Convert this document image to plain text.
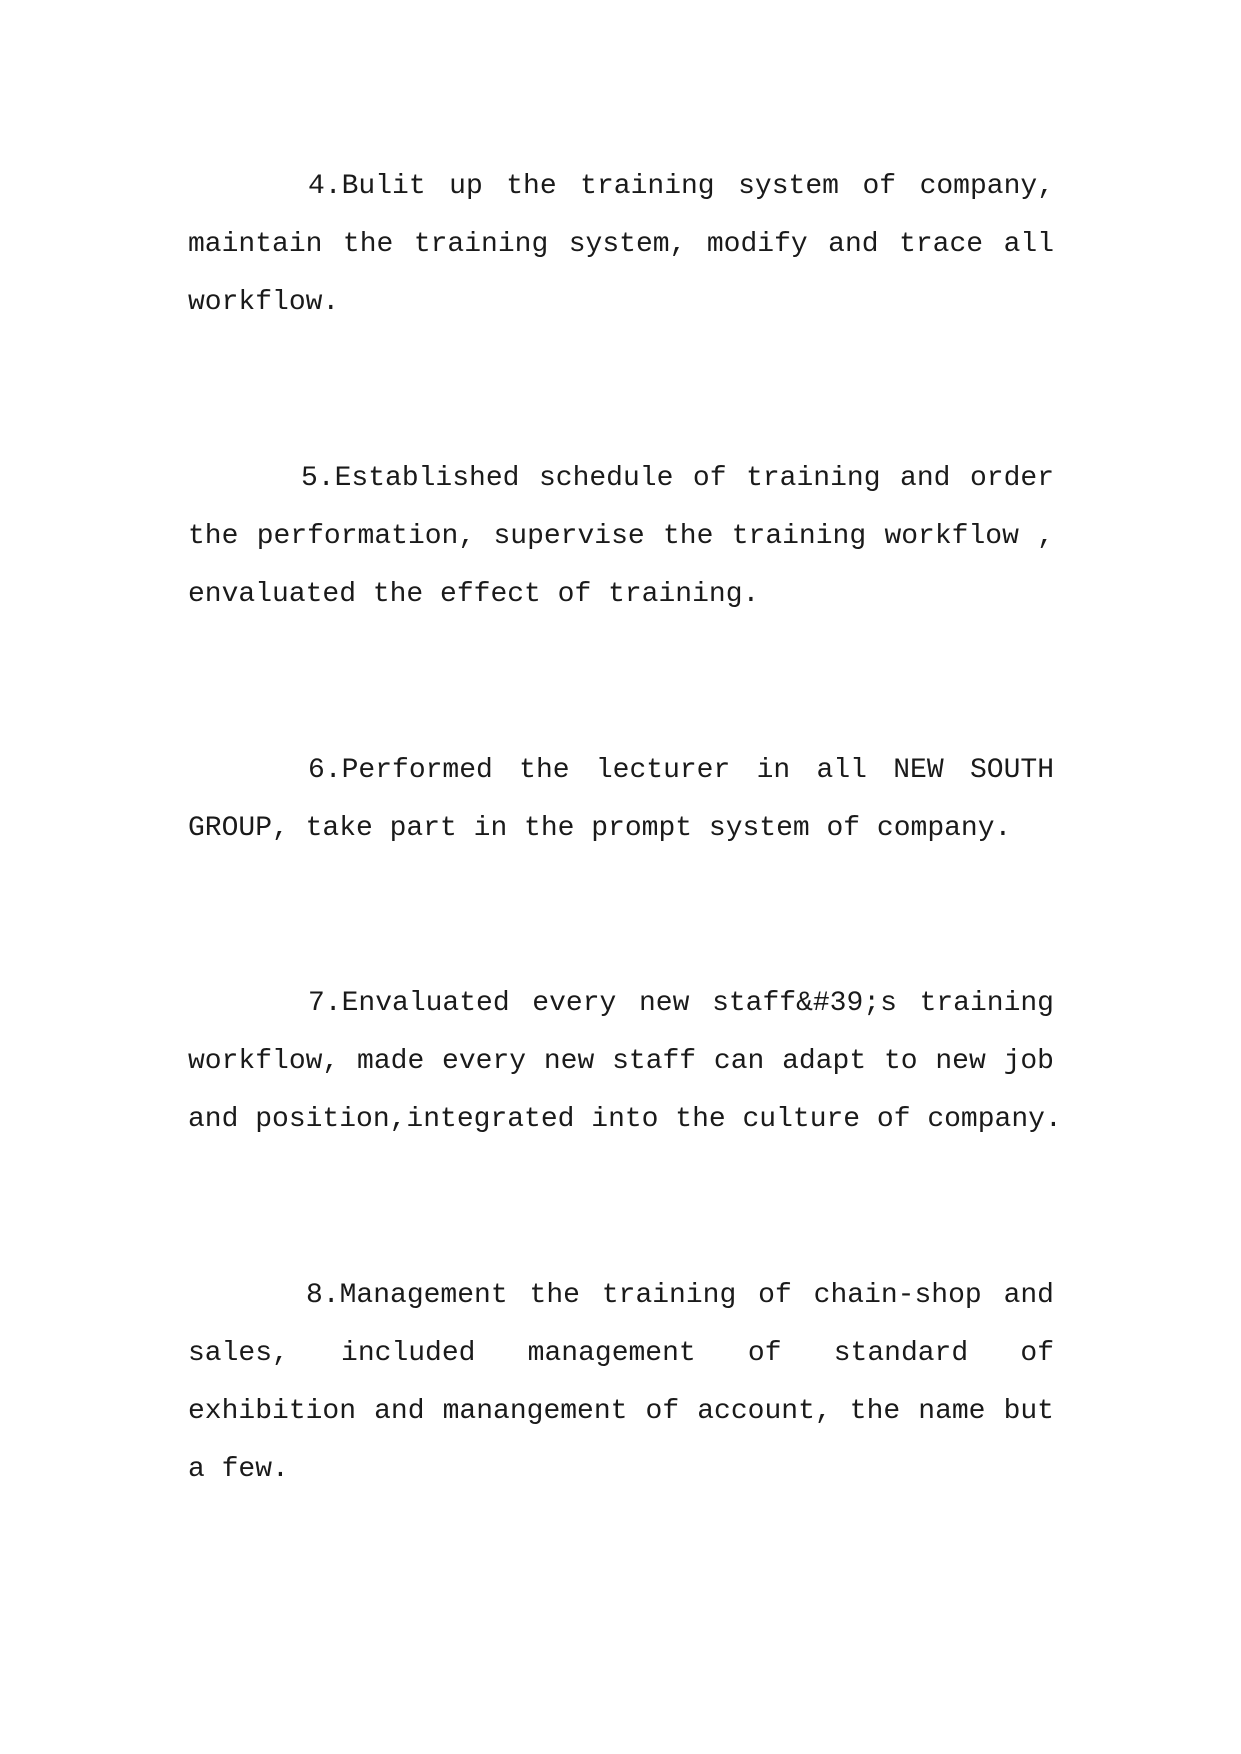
4.Bulit up the training system of company,
maintain the training system, modify and trace all
workflow.
5.Established schedule of training and order
the performation, supervise the training workflow ,
envaluated the effect of training.
6.Performed the lecturer in all NEW SOUTH
GROUP, take part in the prompt system of company.
7.Envaluated every new staff&#39;s training
workflow, made every new staff can adapt to new job
and position,integrated into the culture of company.
8.Management the training of chain-shop and
sales, included management of standard of
exhibition and manangement of account, the name but
a few.
